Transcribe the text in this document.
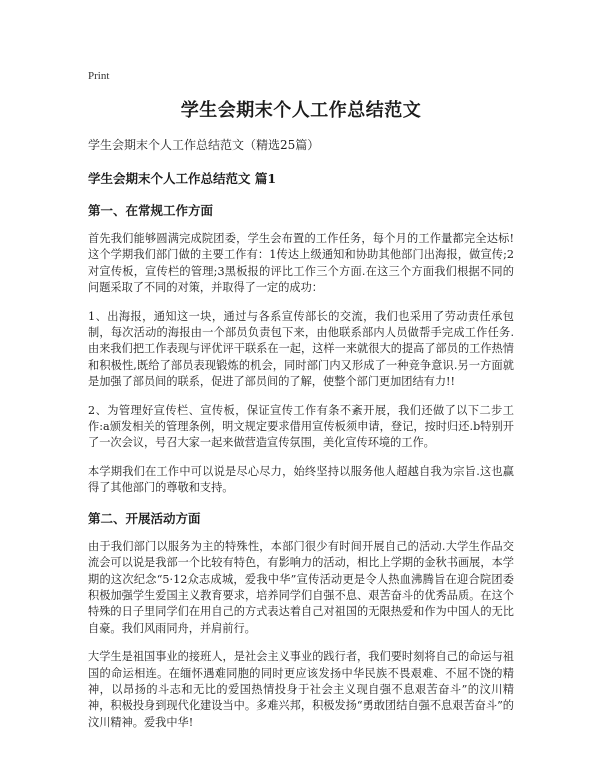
Print
学生会期末个人工作总结范文
学生会期末个人工作总结范文（精选25篇）
学生会期末个人工作总结范文 篇1
第一、在常规工作方面

首先我们能够圆满完成院团委，学生会布置的工作任务，每个月的工作量都完全达标!这个学期我们部门做的主要工作有：1传达上级通知和协助其他部门出海报，做宣传;2对宣传板，宣传栏的管理;3黑板报的评比工作三个方面.在这三个方面我们根据不同的问题采取了不同的对策，并取得了一定的成功：

1、出海报，通知这一块，通过与各系宣传部长的交流，我们也采用了劳动责任承包制，每次活动的海报由一个部员负责包下来，由他联系部内人员做帮手完成工作任务.由来我们把工作表现与评优评干联系在一起，这样一来就很大的提高了部员的工作热情和积极性,既给了部员表现锻炼的机会，同时部门内又形成了一种竞争意识.另一方面就是加强了部员间的联系，促进了部员间的了解，使整个部门更加团结有力!!

2、为管理好宣传栏、宣传板，保证宣传工作有条不紊开展，我们还做了以下二步工作:a颁发相关的管理条例，明文规定要求借用宣传板须申请，登记，按时归还.b特别开了一次会议，号召大家一起来做营造宣传氛围，美化宣传环境的工作。

本学期我们在工作中可以说是尽心尽力，始终坚持以服务他人超越自我为宗旨.这也赢得了其他部门的尊敬和支持。

第二、开展活动方面

由于我们部门以服务为主的特殊性，本部门很少有时间开展自己的活动.大学生作品交流会可以说是我部一个比较有特色，有影响力的活动，相比上学期的金秋书画展，本学期的这次纪念“5·12众志成城，爱我中华”宣传活动更是令人热血沸腾旨在迎合院团委积极加强学生爱国主义教育要求，培养同学们自强不息、艰苦奋斗的优秀品质。在这个特殊的日子里同学们在用自己的方式表达着自己对祖国的无限热爱和作为中国人的无比自豪。我们风雨同舟，并肩前行。

大学生是祖国事业的接班人，是社会主义事业的践行者，我们要时刻将自己的命运与祖国的命运相连。在缅怀遇难同胞的同时更应该发扬中华民族不畏艰难、不屈不饶的精神，以昂扬的斗志和无比的爱国热情投身于社会主义现自强不息艰苦奋斗”的汶川精神，积极投身到现代化建设当中。多难兴邦，积极发扬“勇敢团结自强不息艰苦奋斗”的汶川精神。爱我中华!
